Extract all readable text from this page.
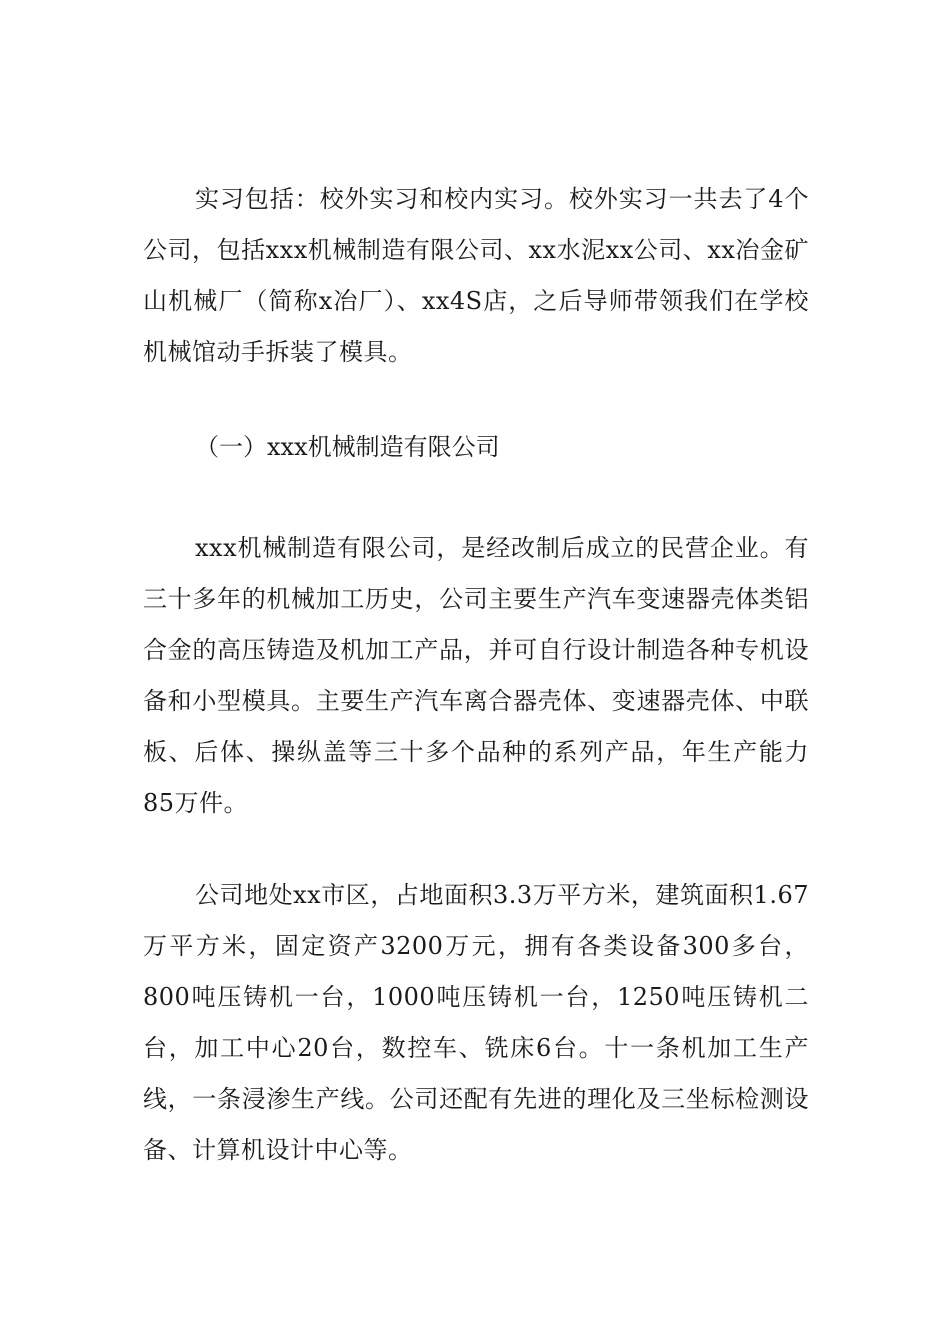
实习包括：校外实习和校内实习。校外实习一共去了4个公司，包括xxx机械制造有限公司、xx水泥xx公司、xx冶金矿山机械厂（简称x冶厂）、xx4S店，之后导师带领我们在学校机械馆动手拆装了模具。

（一）xxx机械制造有限公司

xxx机械制造有限公司，是经改制后成立的民营企业。有三十多年的机械加工历史，公司主要生产汽车变速器壳体类铝合金的高压铸造及机加工产品，并可自行设计制造各种专机设备和小型模具。主要生产汽车离合器壳体、变速器壳体、中联板、后体、操纵盖等三十多个品种的系列产品，年生产能力85万件。

公司地处xx市区，占地面积3.3万平方米，建筑面积1.67万平方米，固定资产3200万元，拥有各类设备300多台，800吨压铸机一台，1000吨压铸机一台，1250吨压铸机二台，加工中心20台，数控车、铣床6台。十一条机加工生产线，一条浸渗生产线。公司还配有先进的理化及三坐标检测设备、计算机设计中心等。
